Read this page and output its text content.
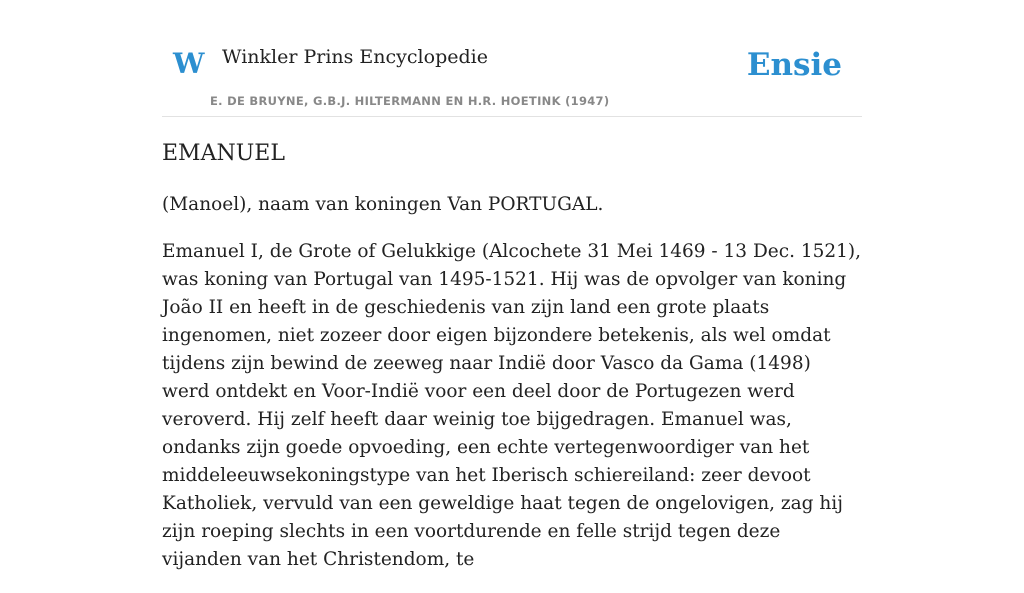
W Winkler Prins Encyclopedie
E. DE BRUYNE, G.B.J. HILTERMANN EN H.R. HOETINK (1947)
Ensie
EMANUEL

(Manoel), naam van koningen Van PORTUGAL.

Emanuel I, de Grote of Gelukkige (Alcochete 31 Mei 1469 - 13 Dec. 1521), was koning van Portugal van 1495-1521. Hij was de opvolger van koning João II en heeft in de geschiedenis van zijn land een grote plaats ingenomen, niet zozeer door eigen bijzondere betekenis, als wel omdat tijdens zijn bewind de zeeweg naar Indië door Vasco da Gama (1498) werd ontdekt en Voor-Indië voor een deel door de Portugezen werd veroverd. Hij zelf heeft daar weinig toe bijgedragen. Emanuel was, ondanks zijn goede opvoeding, een echte vertegenwoordiger van het middeleeuwsekoningstype van het Iberisch schiereiland: zeer devoot Katholiek, vervuld van een geweldige haat tegen de ongelovigen, zag hij zijn roeping slechts in een voortdurende en felle strijd tegen deze vijanden van het Christendom, te
